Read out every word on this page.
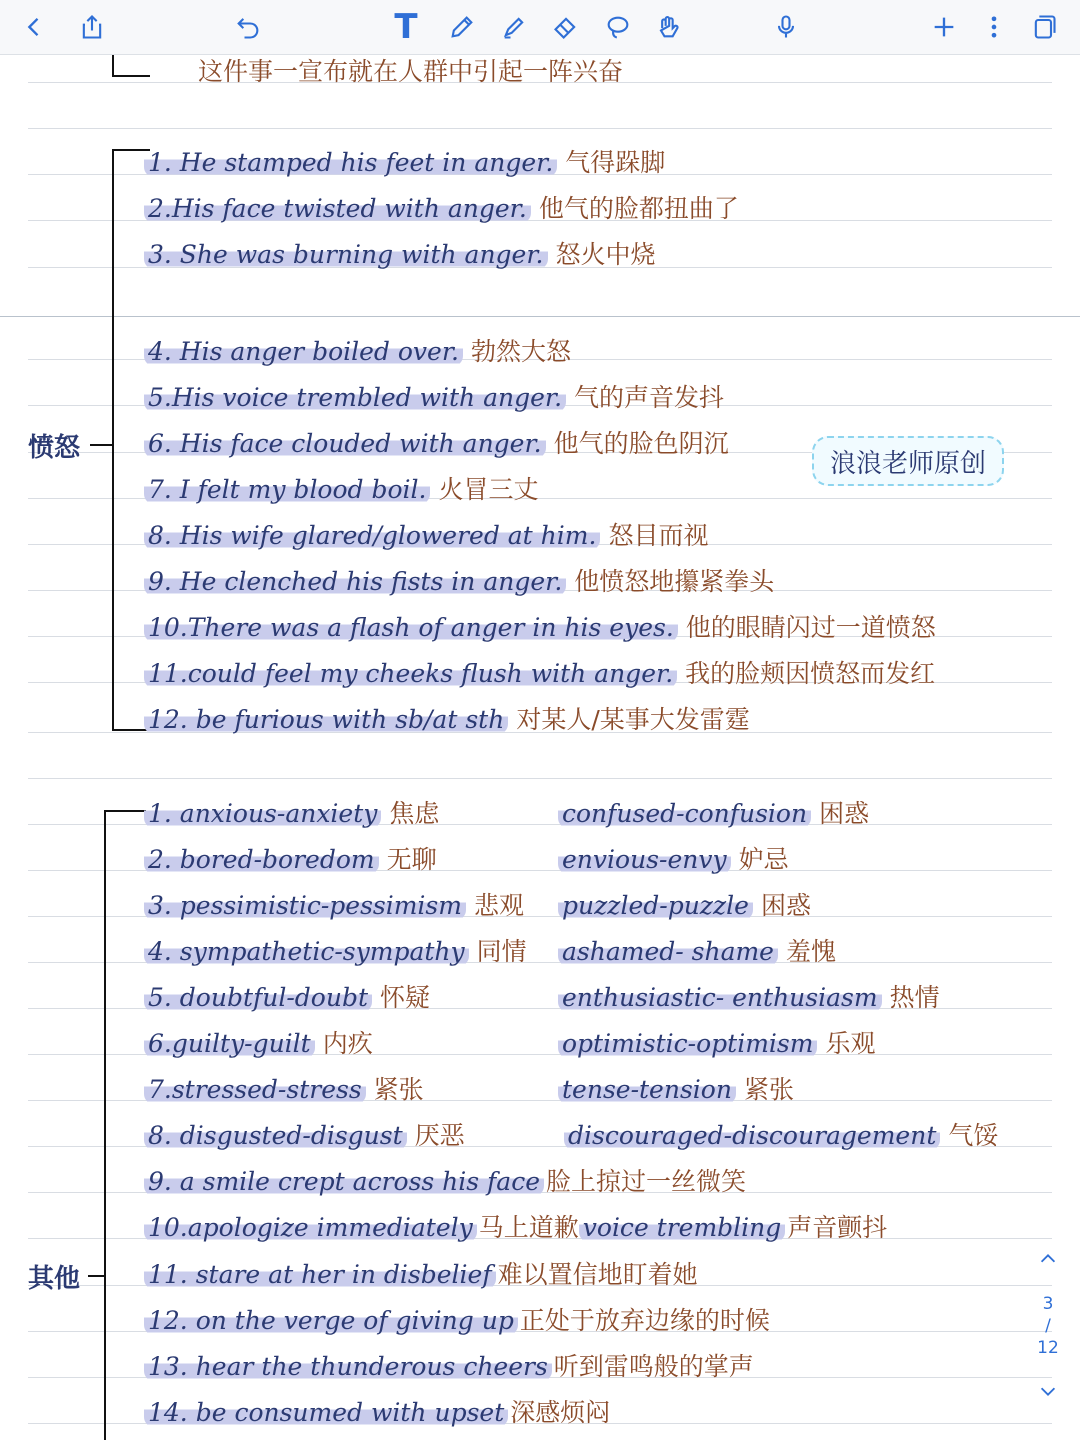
T
这件事一宣布就在人群中引起一阵兴奋
愤怒
浪浪老师原创
1. He stamped his feet in anger. 气得跺脚
2.His face twisted with anger. 他气的脸都扭曲了
3. She was burning with anger. 怒火中烧
4. His anger boiled over. 勃然大怒
5.His voice trembled with anger. 气的声音发抖
6. His face clouded with anger. 他气的脸色阴沉
7. I felt my blood boil. 火冒三丈
8. His wife glared/glowered at him. 怒目而视
9. He clenched his fists in anger. 他愤怒地攥紧拳头
10.There was a flash of anger in his eyes. 他的眼睛闪过一道愤怒
11.could feel my cheeks flush with anger. 我的脸颊因愤怒而发红
12. be furious with sb/at sth 对某人/某事大发雷霆
其他
1. anxious-anxiety 焦虑	confused-confusion 困惑
2. bored-boredom 无聊	envious-envy 妒忌
3. pessimistic-pessimism 悲观 puzzled-puzzle 困惑
4. sympathetic-sympathy 同情 ashamed- shame 羞愧
5. doubtful-doubt 怀疑	enthusiastic- enthusiasm 热情
6.guilty-guilt 内疚	optimistic-optimism 乐观
7.stressed-stress 紧张	tense-tension 紧张
8. disgusted-disgust 厌恶	discouraged-discouragement 气馁
9. a smile crept across his face 脸上掠过一丝微笑
10.apologize immediately 马上道歉 voice trembling 声音颤抖
11. stare at her in disbelief 难以置信地盯着她
12. on the verge of giving up 正处于放弃边缘的时候
13. hear the thunderous cheers 听到雷鸣般的掌声
14. be consumed with upset 深感烦闷
3
/
12
